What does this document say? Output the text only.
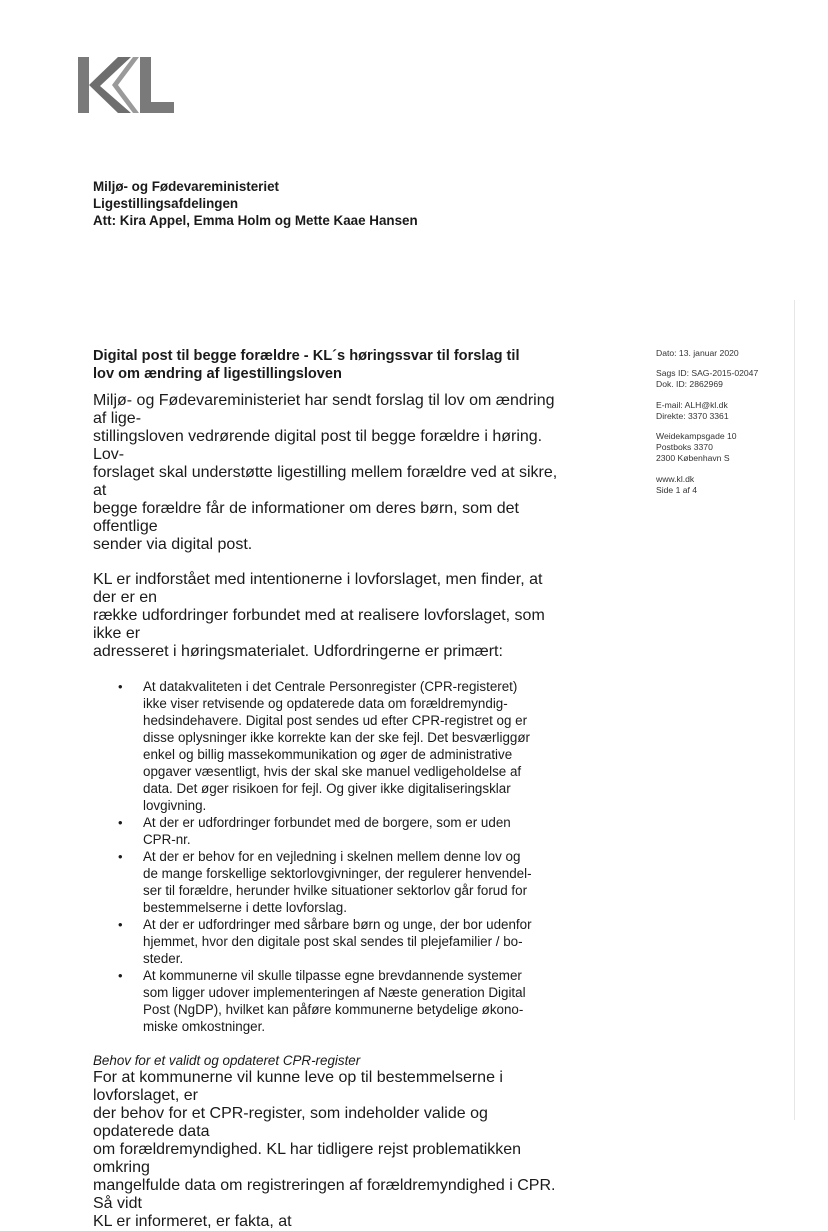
Miljø- og Fødevareministeriet
Ligestillingsafdelingen
Att: Kira Appel, Emma Holm og Mette Kaae Hansen
Digital post til begge forældre - KL´s høringssvar til forslag til
lov om ændring af ligestillingsloven

Miljø- og Fødevareministeriet har sendt forslag til lov om ændring af lige-
stillingsloven vedrørende digital post til begge forældre i høring. Lov-
forslaget skal understøtte ligestilling mellem forældre ved at sikre, at
begge forældre får de informationer om deres børn, som det offentlige
sender via digital post.

KL er indforstået med intentionerne i lovforslaget, men finder, at der er en
række udfordringer forbundet med at realisere lovforslaget, som ikke er
adresseret i høringsmaterialet. Udfordringerne er primært:

• At datakvaliteten i det Centrale Personregister (CPR-registeret)
ikke viser retvisende og opdaterede data om forældremyndig-
hedsindehavere. Digital post sendes ud efter CPR-registret og er
disse oplysninger ikke korrekte kan der ske fejl. Det besværliggør
enkel og billig massekommunikation og øger de administrative
opgaver væsentligt, hvis der skal ske manuel vedligeholdelse af
data. Det øger risikoen for fejl. Og giver ikke digitaliseringsklar
lovgivning.
• At der er udfordringer forbundet med de borgere, som er uden
CPR-nr.
• At der er behov for en vejledning i skelnen mellem denne lov og
de mange forskellige sektorlovgivninger, der regulerer henvendel-
ser til forældre, herunder hvilke situationer sektorlov går forud for
bestemmelserne i dette lovforslag.
• At der er udfordringer med sårbare børn og unge, der bor udenfor
hjemmet, hvor den digitale post skal sendes til plejefamilier / bo-
steder.
• At kommunerne vil skulle tilpasse egne brevdannende systemer
som ligger udover implementeringen af Næste generation Digital
Post (NgDP), hvilket kan påføre kommunerne betydelige økono-
miske omkostninger.
Behov for et validt og opdateret CPR-register

For at kommunerne vil kunne leve op til bestemmelserne i lovforslaget, er
der behov for et CPR-register, som indeholder valide og opdaterede data
om forældremyndighed. KL har tidligere rejst problematikken omkring
mangelfulde data om registreringen af forældremyndighed i CPR. Så vidt
KL er informeret, er fakta, at

Dato: 13. januar 2020
Sags ID: SAG-2015-02047
Dok. ID: 2862969
E-mail: ALH@kl.dk
Direkte: 3370 3361
Weidekampsgade 10
Postboks 3370
2300 København S
www.kl.dk
Side 1 af 4
